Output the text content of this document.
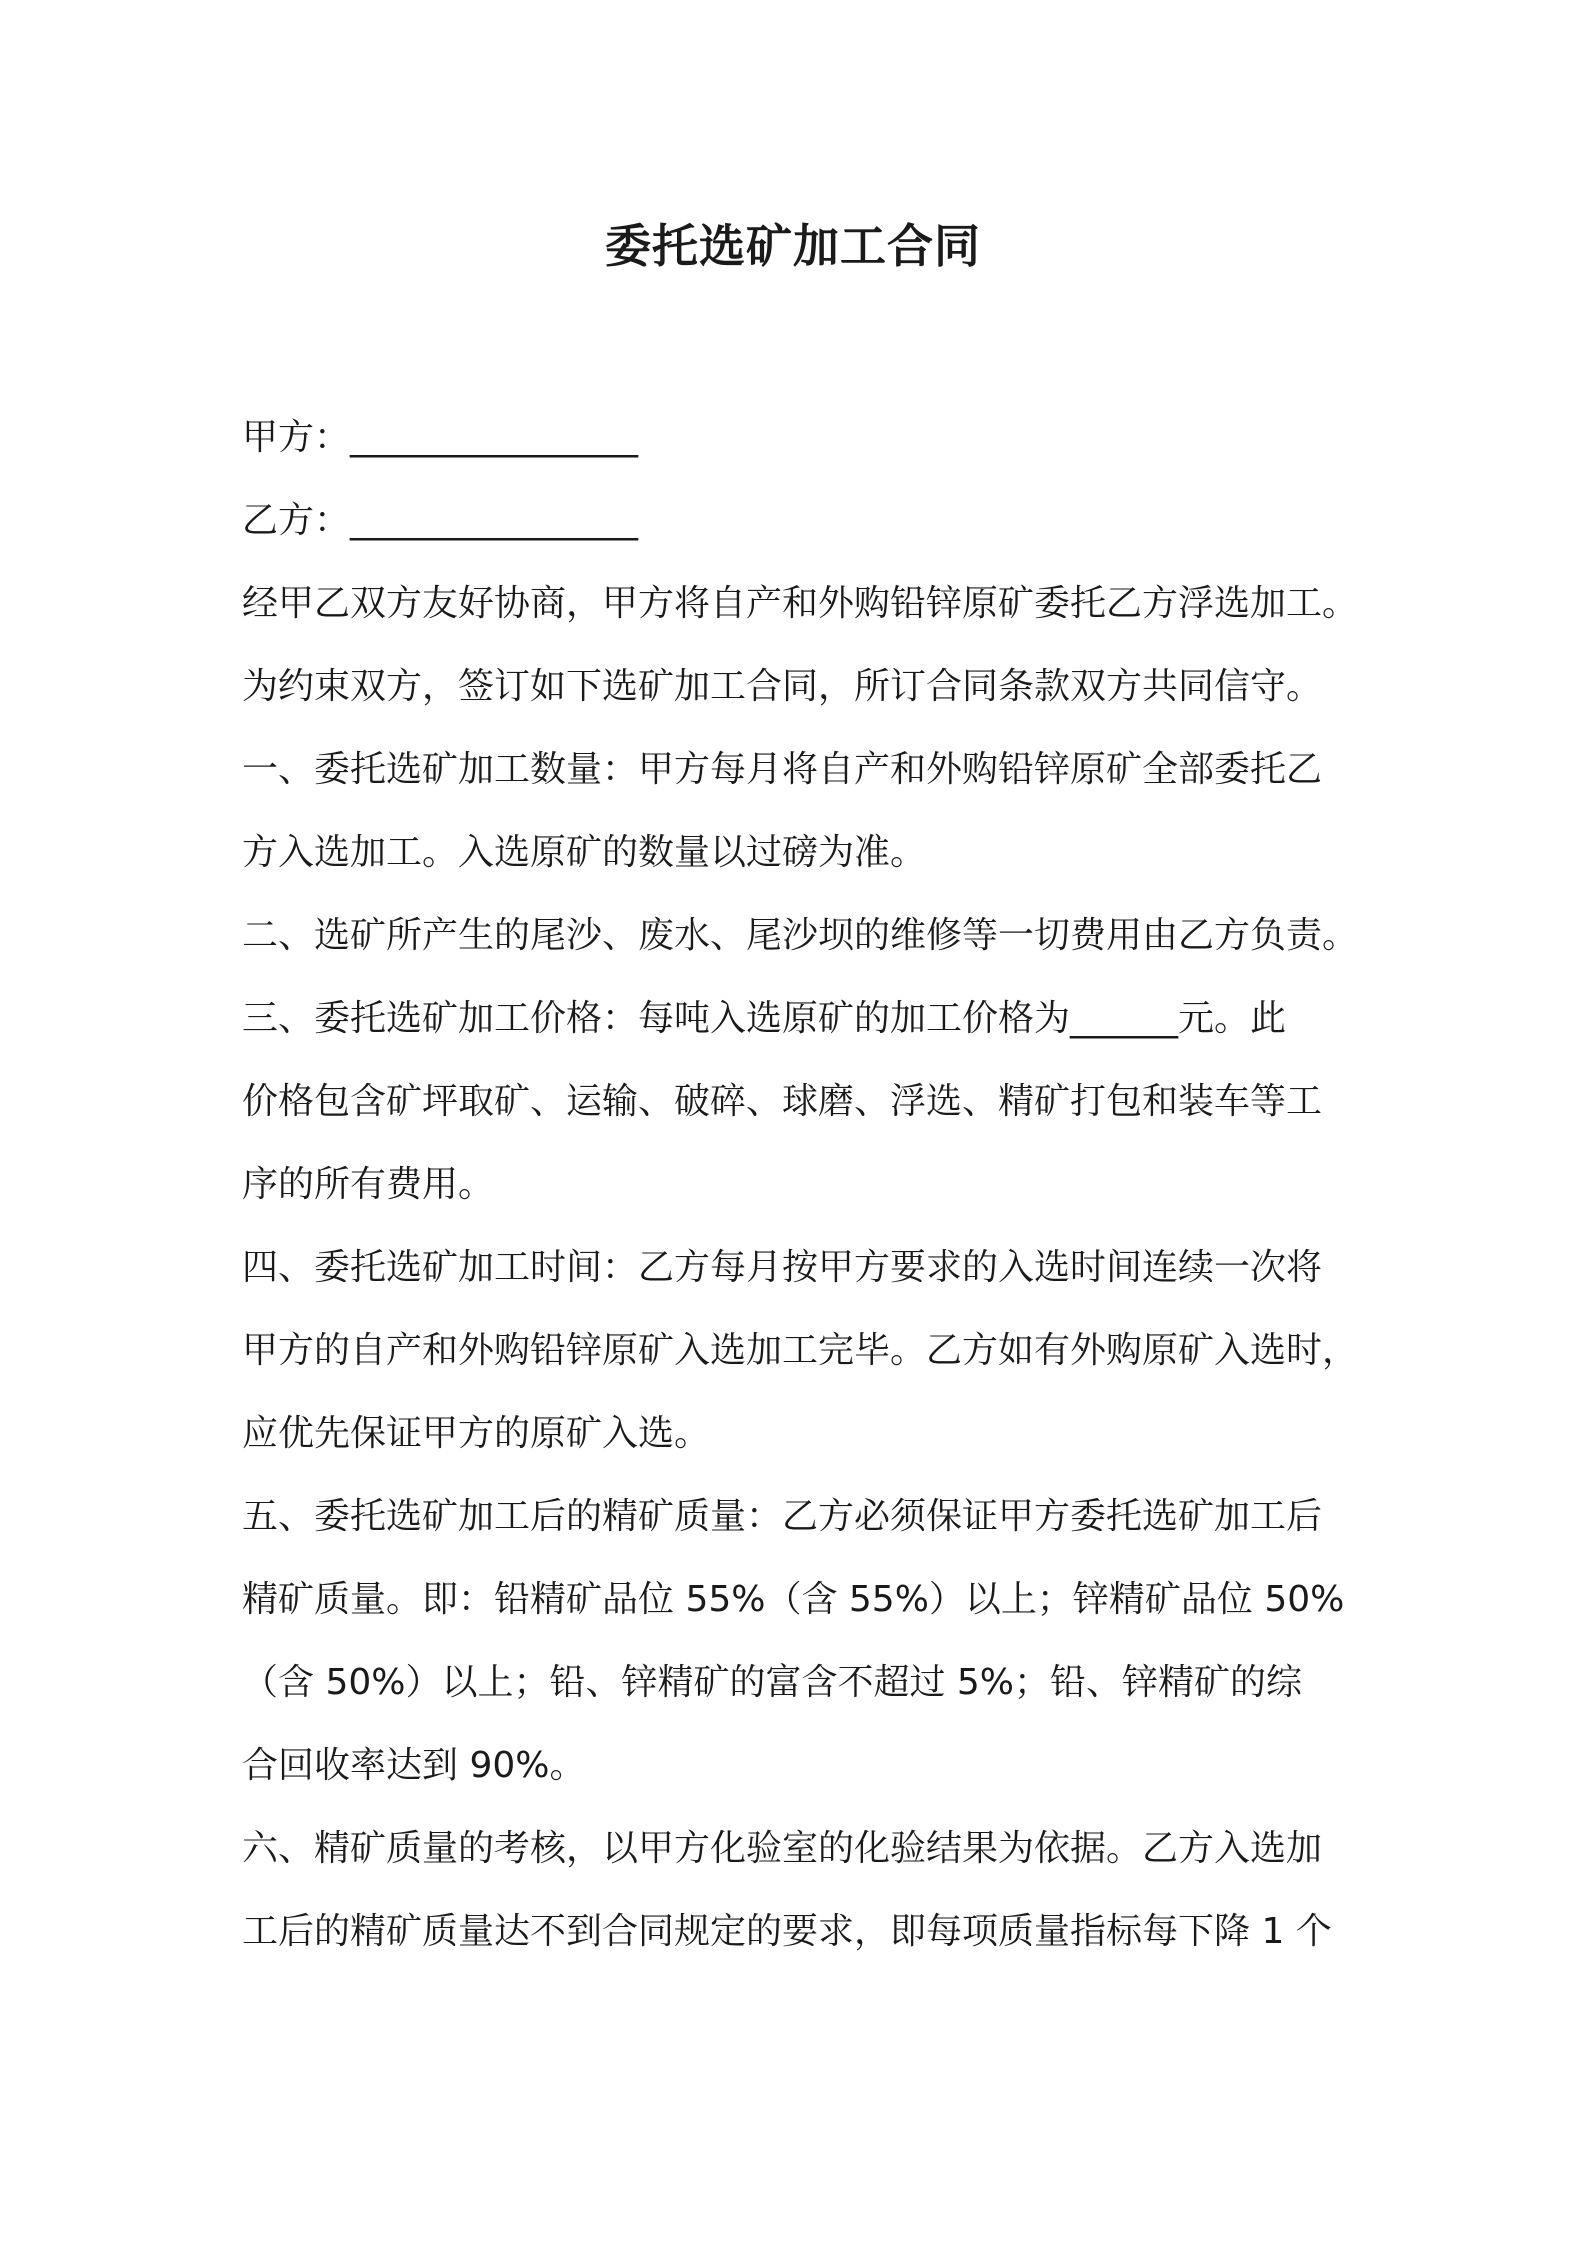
委托选矿加工合同
甲方：________________
乙方：________________
经甲乙双方友好协商，甲方将自产和外购铅锌原矿委托乙方浮选加工。
为约束双方，签订如下选矿加工合同，所订合同条款双方共同信守。
一、委托选矿加工数量：甲方每月将自产和外购铅锌原矿全部委托乙
方入选加工。入选原矿的数量以过磅为准。
二、选矿所产生的尾沙、废水、尾沙坝的维修等一切费用由乙方负责。
三、委托选矿加工价格：每吨入选原矿的加工价格为______元。此
价格包含矿坪取矿、运输、破碎、球磨、浮选、精矿打包和装车等工
序的所有费用。
四、委托选矿加工时间：乙方每月按甲方要求的入选时间连续一次将
甲方的自产和外购铅锌原矿入选加工完毕。乙方如有外购原矿入选时，
应优先保证甲方的原矿入选。
五、委托选矿加工后的精矿质量：乙方必须保证甲方委托选矿加工后
精矿质量。即：铅精矿品位 55%（含 55%）以上；锌精矿品位 50%
（含 50%）以上；铅、锌精矿的富含不超过 5%；铅、锌精矿的综
合回收率达到 90%。
六、精矿质量的考核，以甲方化验室的化验结果为依据。乙方入选加
工后的精矿质量达不到合同规定的要求，即每项质量指标每下降 1 个
